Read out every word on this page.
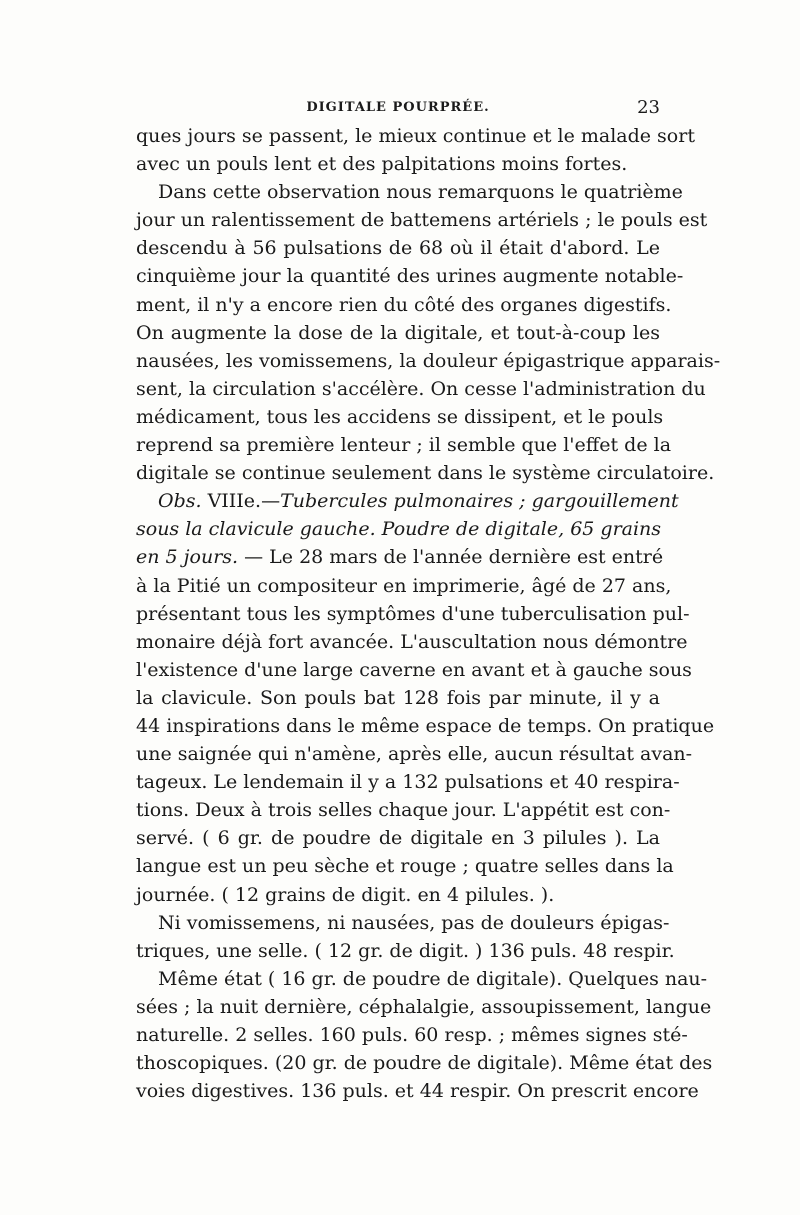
DIGITALE POURPRÉE.	23
ques jours se passent, le mieux continue et le malade sort
avec un pouls lent et des palpitations moins fortes.
Dans cette observation nous remarquons le quatrième
jour un ralentissement de battemens artériels ; le pouls est
descendu à 56 pulsations de 68 où il était d'abord. Le
cinquième jour la quantité des urines augmente notable-
ment, il n'y a encore rien du côté des organes digestifs.
On augmente la dose de la digitale, et tout-à-coup les
nausées, les vomissemens, la douleur épigastrique apparais-
sent, la circulation s'accélère. On cesse l'administration du
médicament, tous les accidens se dissipent, et le pouls
reprend sa première lenteur ; il semble que l'effet de la
digitale se continue seulement dans le système circulatoire.
Obs. VIIIe.—Tubercules pulmonaires ; gargouillement
sous la clavicule gauche. Poudre de digitale, 65 grains
en 5 jours. — Le 28 mars de l'année dernière est entré
à la Pitié un compositeur en imprimerie, âgé de 27 ans,
présentant tous les symptômes d'une tuberculisation pul-
monaire déjà fort avancée. L'auscultation nous démontre
l'existence d'une large caverne en avant et à gauche sous
la clavicule. Son pouls bat 128 fois par minute, il y a
44 inspirations dans le même espace de temps. On pratique
une saignée qui n'amène, après elle, aucun résultat avan-
tageux. Le lendemain il y a 132 pulsations et 40 respira-
tions. Deux à trois selles chaque jour. L'appétit est con-
servé. ( 6 gr. de poudre de digitale en 3 pilules ). La
langue est un peu sèche et rouge ; quatre selles dans la
journée. ( 12 grains de digit. en 4 pilules. ).
Ni vomissemens, ni nausées, pas de douleurs épigas-
triques, une selle. ( 12 gr. de digit. ) 136 puls. 48 respir.
Même état ( 16 gr. de poudre de digitale). Quelques nau-
sées ; la nuit dernière, céphalalgie, assoupissement, langue
naturelle. 2 selles. 160 puls. 60 resp. ; mêmes signes sté-
thoscopiques. (20 gr. de poudre de digitale). Même état des
voies digestives. 136 puls. et 44 respir. On prescrit encore
